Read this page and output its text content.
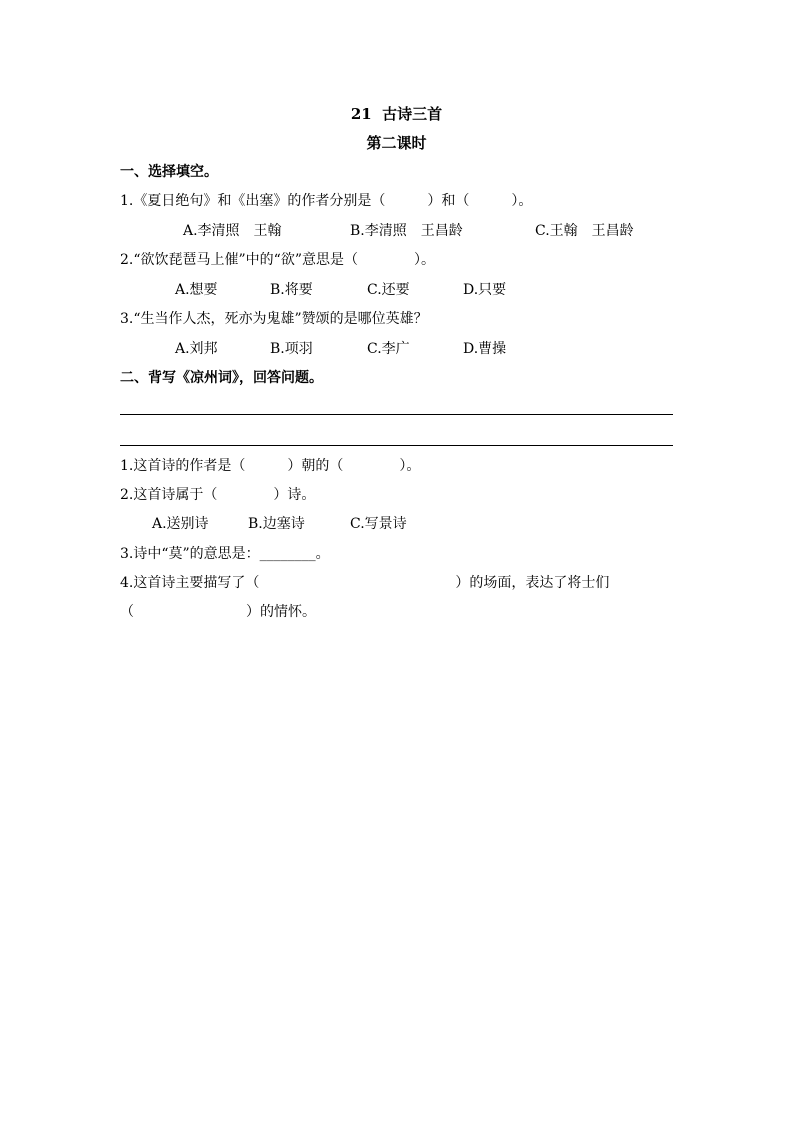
21  古诗三首
第二课时
一、选择填空。
1.《夏日绝句》和《出塞》的作者分别是（　　　）和（　　　）。
A.李清照　王翰	B.李清照　王昌龄	C.王翰　王昌龄
2.“欲饮琵琶马上催”中的“欲”意思是（　　　　）。
A.想要	B.将要	C.还要	D.只要
3.“生当作人杰，死亦为鬼雄”赞颂的是哪位英雄？
A.刘邦	B.项羽	C.李广	D.曹操
二、背写《凉州词》，回答问题。
1.这首诗的作者是（　　　）朝的（　　　　）。
2.这首诗属于（　　　　）诗。
A.送别诗	B.边塞诗	C.写景诗
3.诗中“莫”的意思是：________。
4.这首诗主要描写了（　　　　　　　　　　　　　　）的场面，表达了将士们
（　　　　　　　　）的情怀。
